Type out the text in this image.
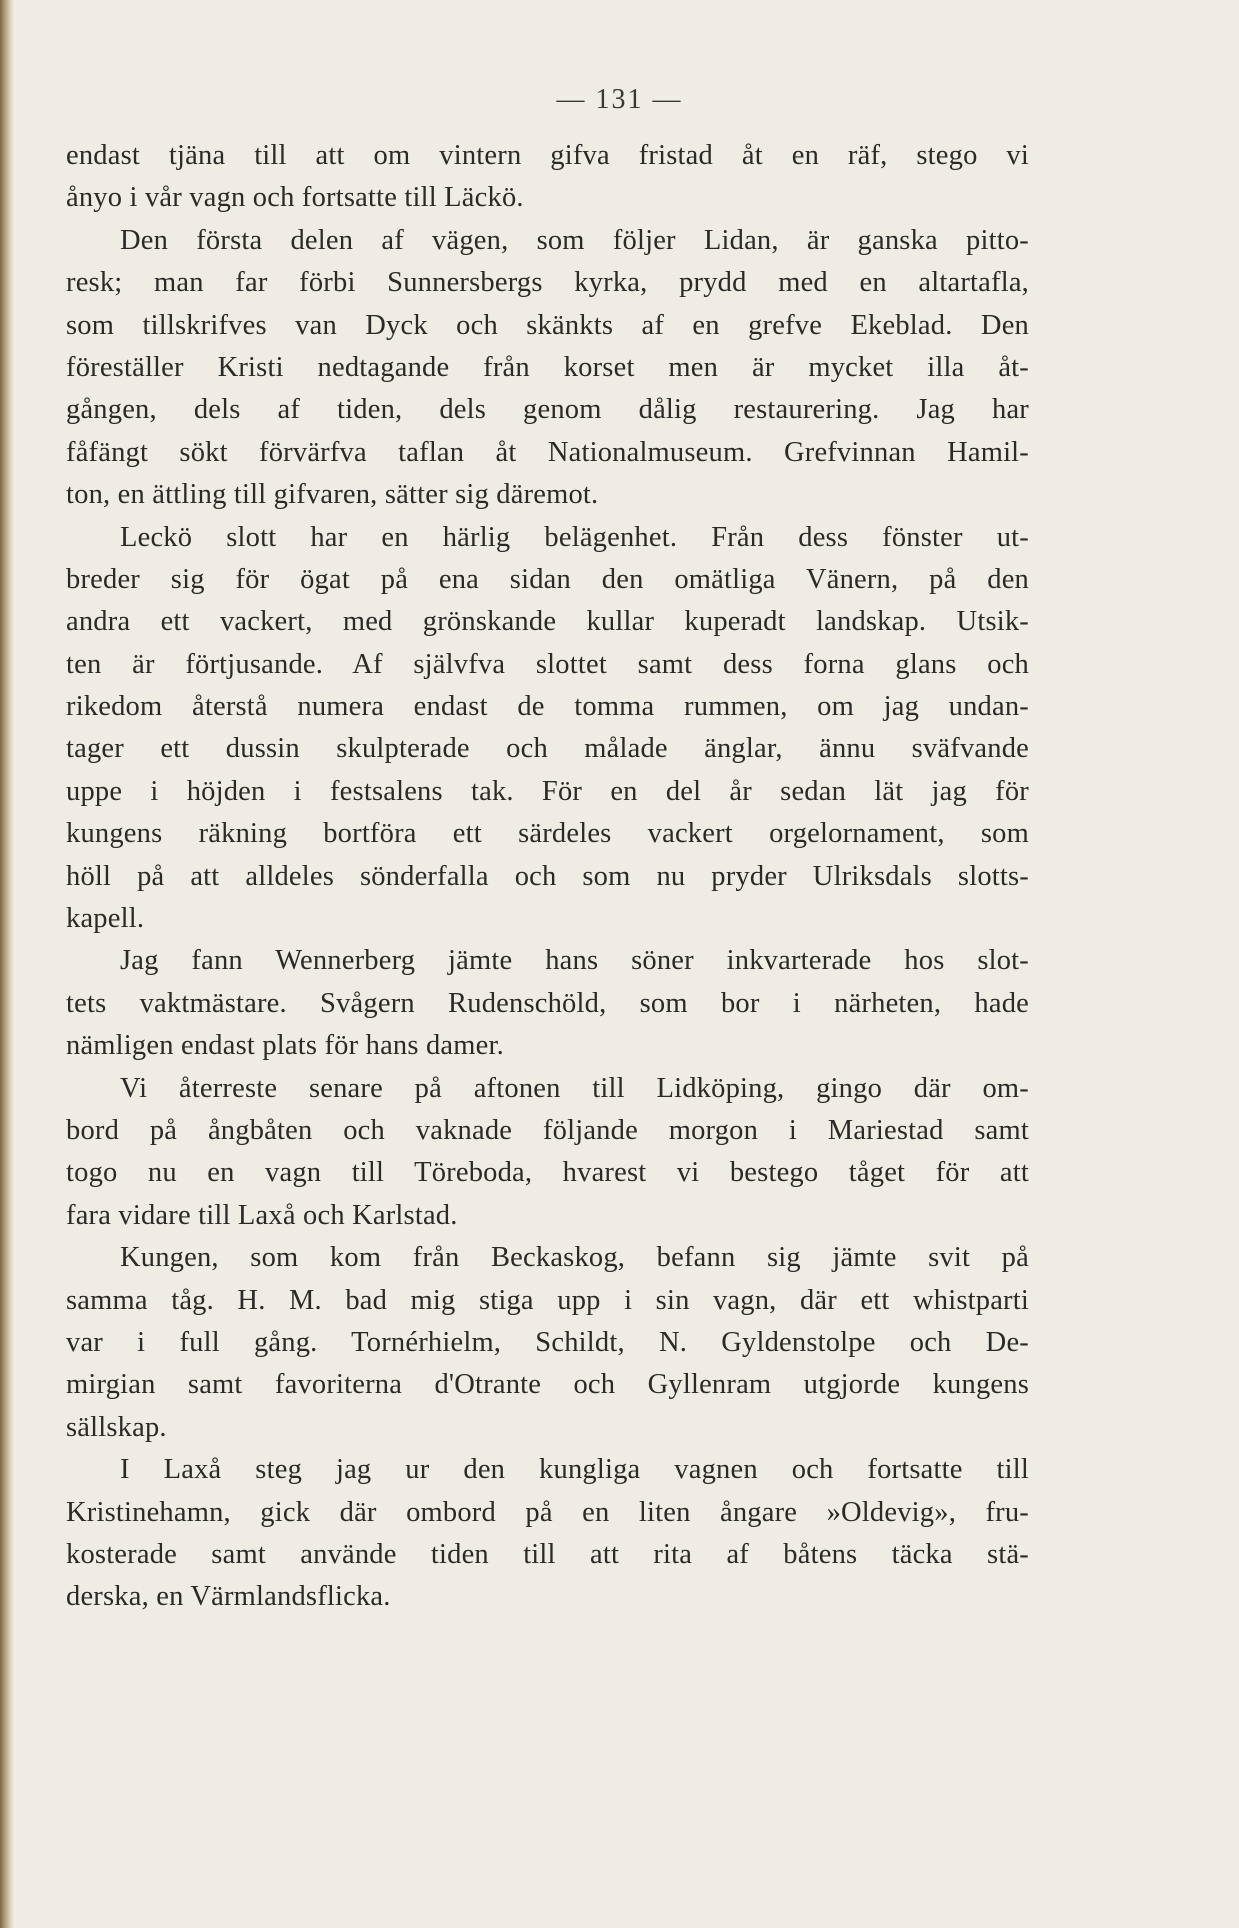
— 131 —
endast tjäna till att om vintern gifva fristad åt en räf, stego vi
ånyo i vår vagn och fortsatte till Läckö.
Den första delen af vägen, som följer Lidan, är ganska pitto-
resk; man far förbi Sunnersbergs kyrka, prydd med en altartafla,
som tillskrifves van Dyck och skänkts af en grefve Ekeblad. Den
föreställer Kristi nedtagande från korset men är mycket illa åt-
gången, dels af tiden, dels genom dålig restaurering. Jag har
fåfängt sökt förvärfva taflan åt Nationalmuseum. Grefvinnan Hamil-
ton, en ättling till gifvaren, sätter sig däremot.
Leckö slott har en härlig belägenhet. Från dess fönster ut-
breder sig för ögat på ena sidan den omätliga Vänern, på den
andra ett vackert, med grönskande kullar kuperadt landskap. Utsik-
ten är förtjusande. Af självfva slottet samt dess forna glans och
rikedom återstå numera endast de tomma rummen, om jag undan-
tager ett dussin skulpterade och målade änglar, ännu sväfvande
uppe i höjden i festsalens tak. För en del år sedan lät jag för
kungens räkning bortföra ett särdeles vackert orgelornament, som
höll på att alldeles sönderfalla och som nu pryder Ulriksdals slotts-
kapell.
Jag fann Wennerberg jämte hans söner inkvarterade hos slot-
tets vaktmästare. Svågern Rudenschöld, som bor i närheten, hade
nämligen endast plats för hans damer.
Vi återreste senare på aftonen till Lidköping, gingo där om-
bord på ångbåten och vaknade följande morgon i Mariestad samt
togo nu en vagn till Töreboda, hvarest vi bestego tåget för att
fara vidare till Laxå och Karlstad.
Kungen, som kom från Beckaskog, befann sig jämte svit på
samma tåg. H. M. bad mig stiga upp i sin vagn, där ett whistparti
var i full gång. Tornérhielm, Schildt, N. Gyldenstolpe och De-
mirgian samt favoriterna d'Otrante och Gyllenram utgjorde kungens
sällskap.
I Laxå steg jag ur den kungliga vagnen och fortsatte till
Kristinehamn, gick där ombord på en liten ångare »Oldevig», fru-
kosterade samt använde tiden till att rita af båtens täcka stä-
derska, en Värmlandsflicka.
